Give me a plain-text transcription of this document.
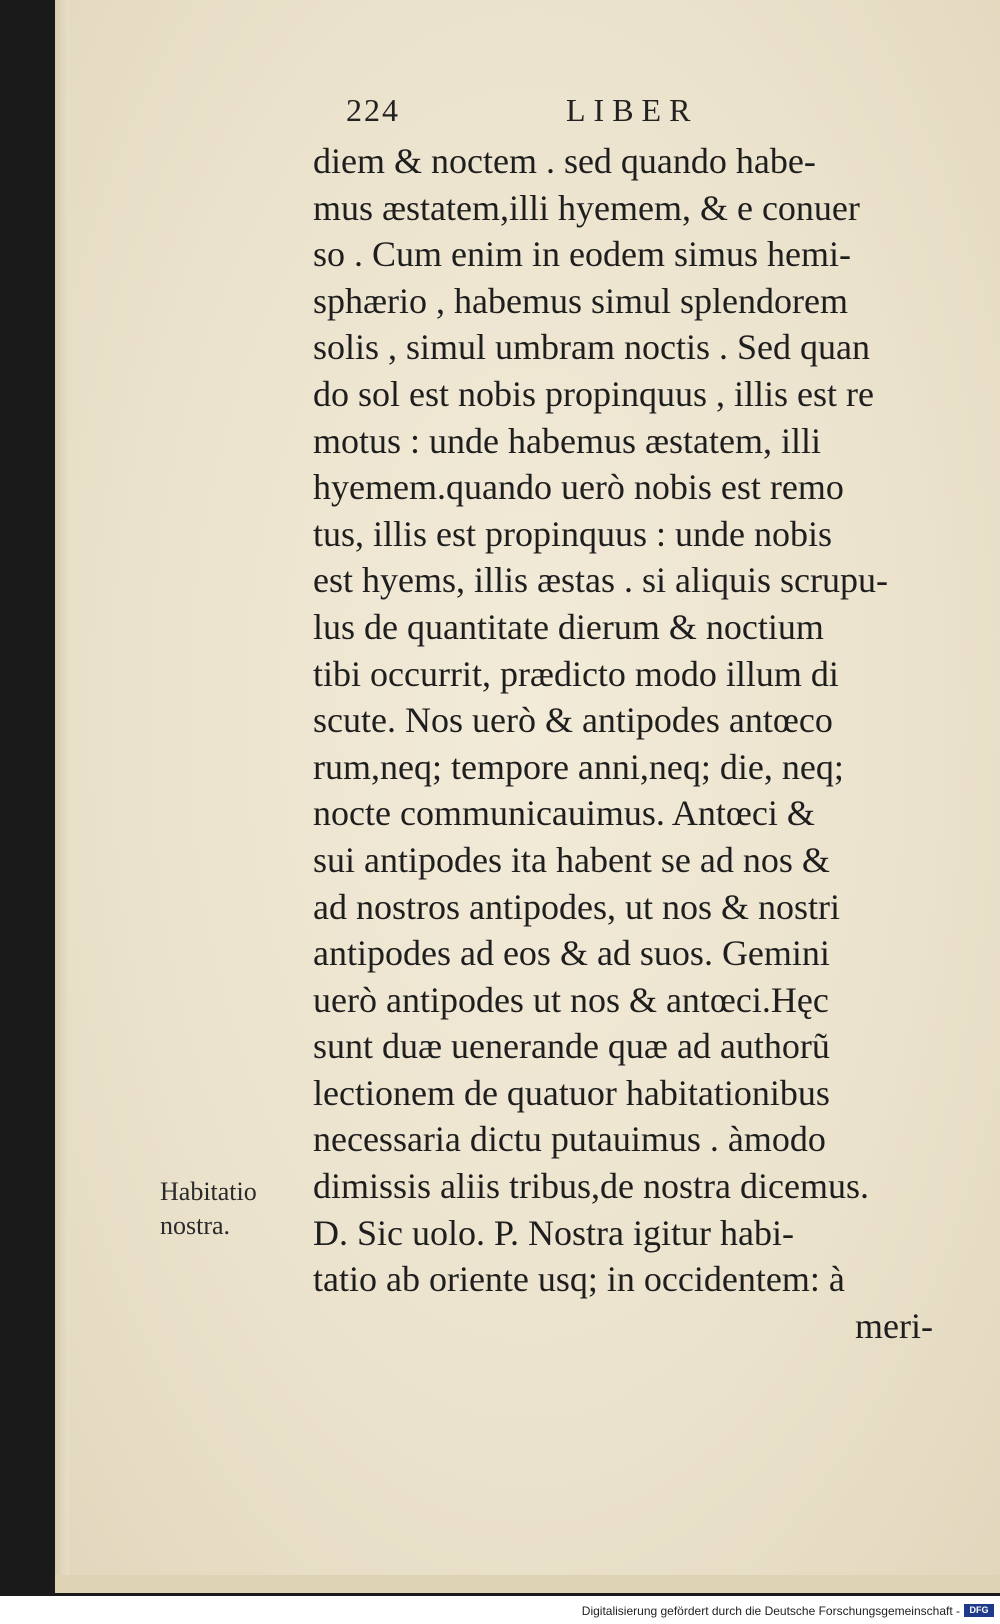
224	LIBER
Habitatio
nostra.
diem & noctem . sed quando habe-
mus æstatem,illi hyemem, & e conuer
so . Cum enim in eodem simus hemi-
sphærio , habemus simul splendorem
solis , simul umbram noctis . Sed quan
do sol est nobis propinquus , illis est re
motus : unde habemus æstatem, illi
hyemem.quando uerò nobis est remo
tus, illis est propinquus : unde nobis
est hyems, illis æstas . si aliquis scrupu-
lus de quantitate dierum & noctium
tibi occurrit, prædicto modo illum di
scute. Nos uerò & antipodes antœco
rum,neq; tempore anni,neq; die, neq;
nocte communicauimus. Antœci &
sui antipodes ita habent se ad nos &
ad nostros antipodes, ut nos & nostri
antipodes ad eos & ad suos. Gemini
uerò antipodes ut nos & antœci.Hęc
sunt duæ uenerande quæ ad authorũ
lectionem de quatuor habitationibus
necessaria dictu putauimus . àmodo
dimissis aliis tribus,de nostra dicemus.
D. Sic uolo. P. Nostra igitur habi-
tatio ab oriente usq; in occidentem: à
meri-
Digitalisierung gefördert durch die Deutsche Forschungsgemeinschaft -	DFG
